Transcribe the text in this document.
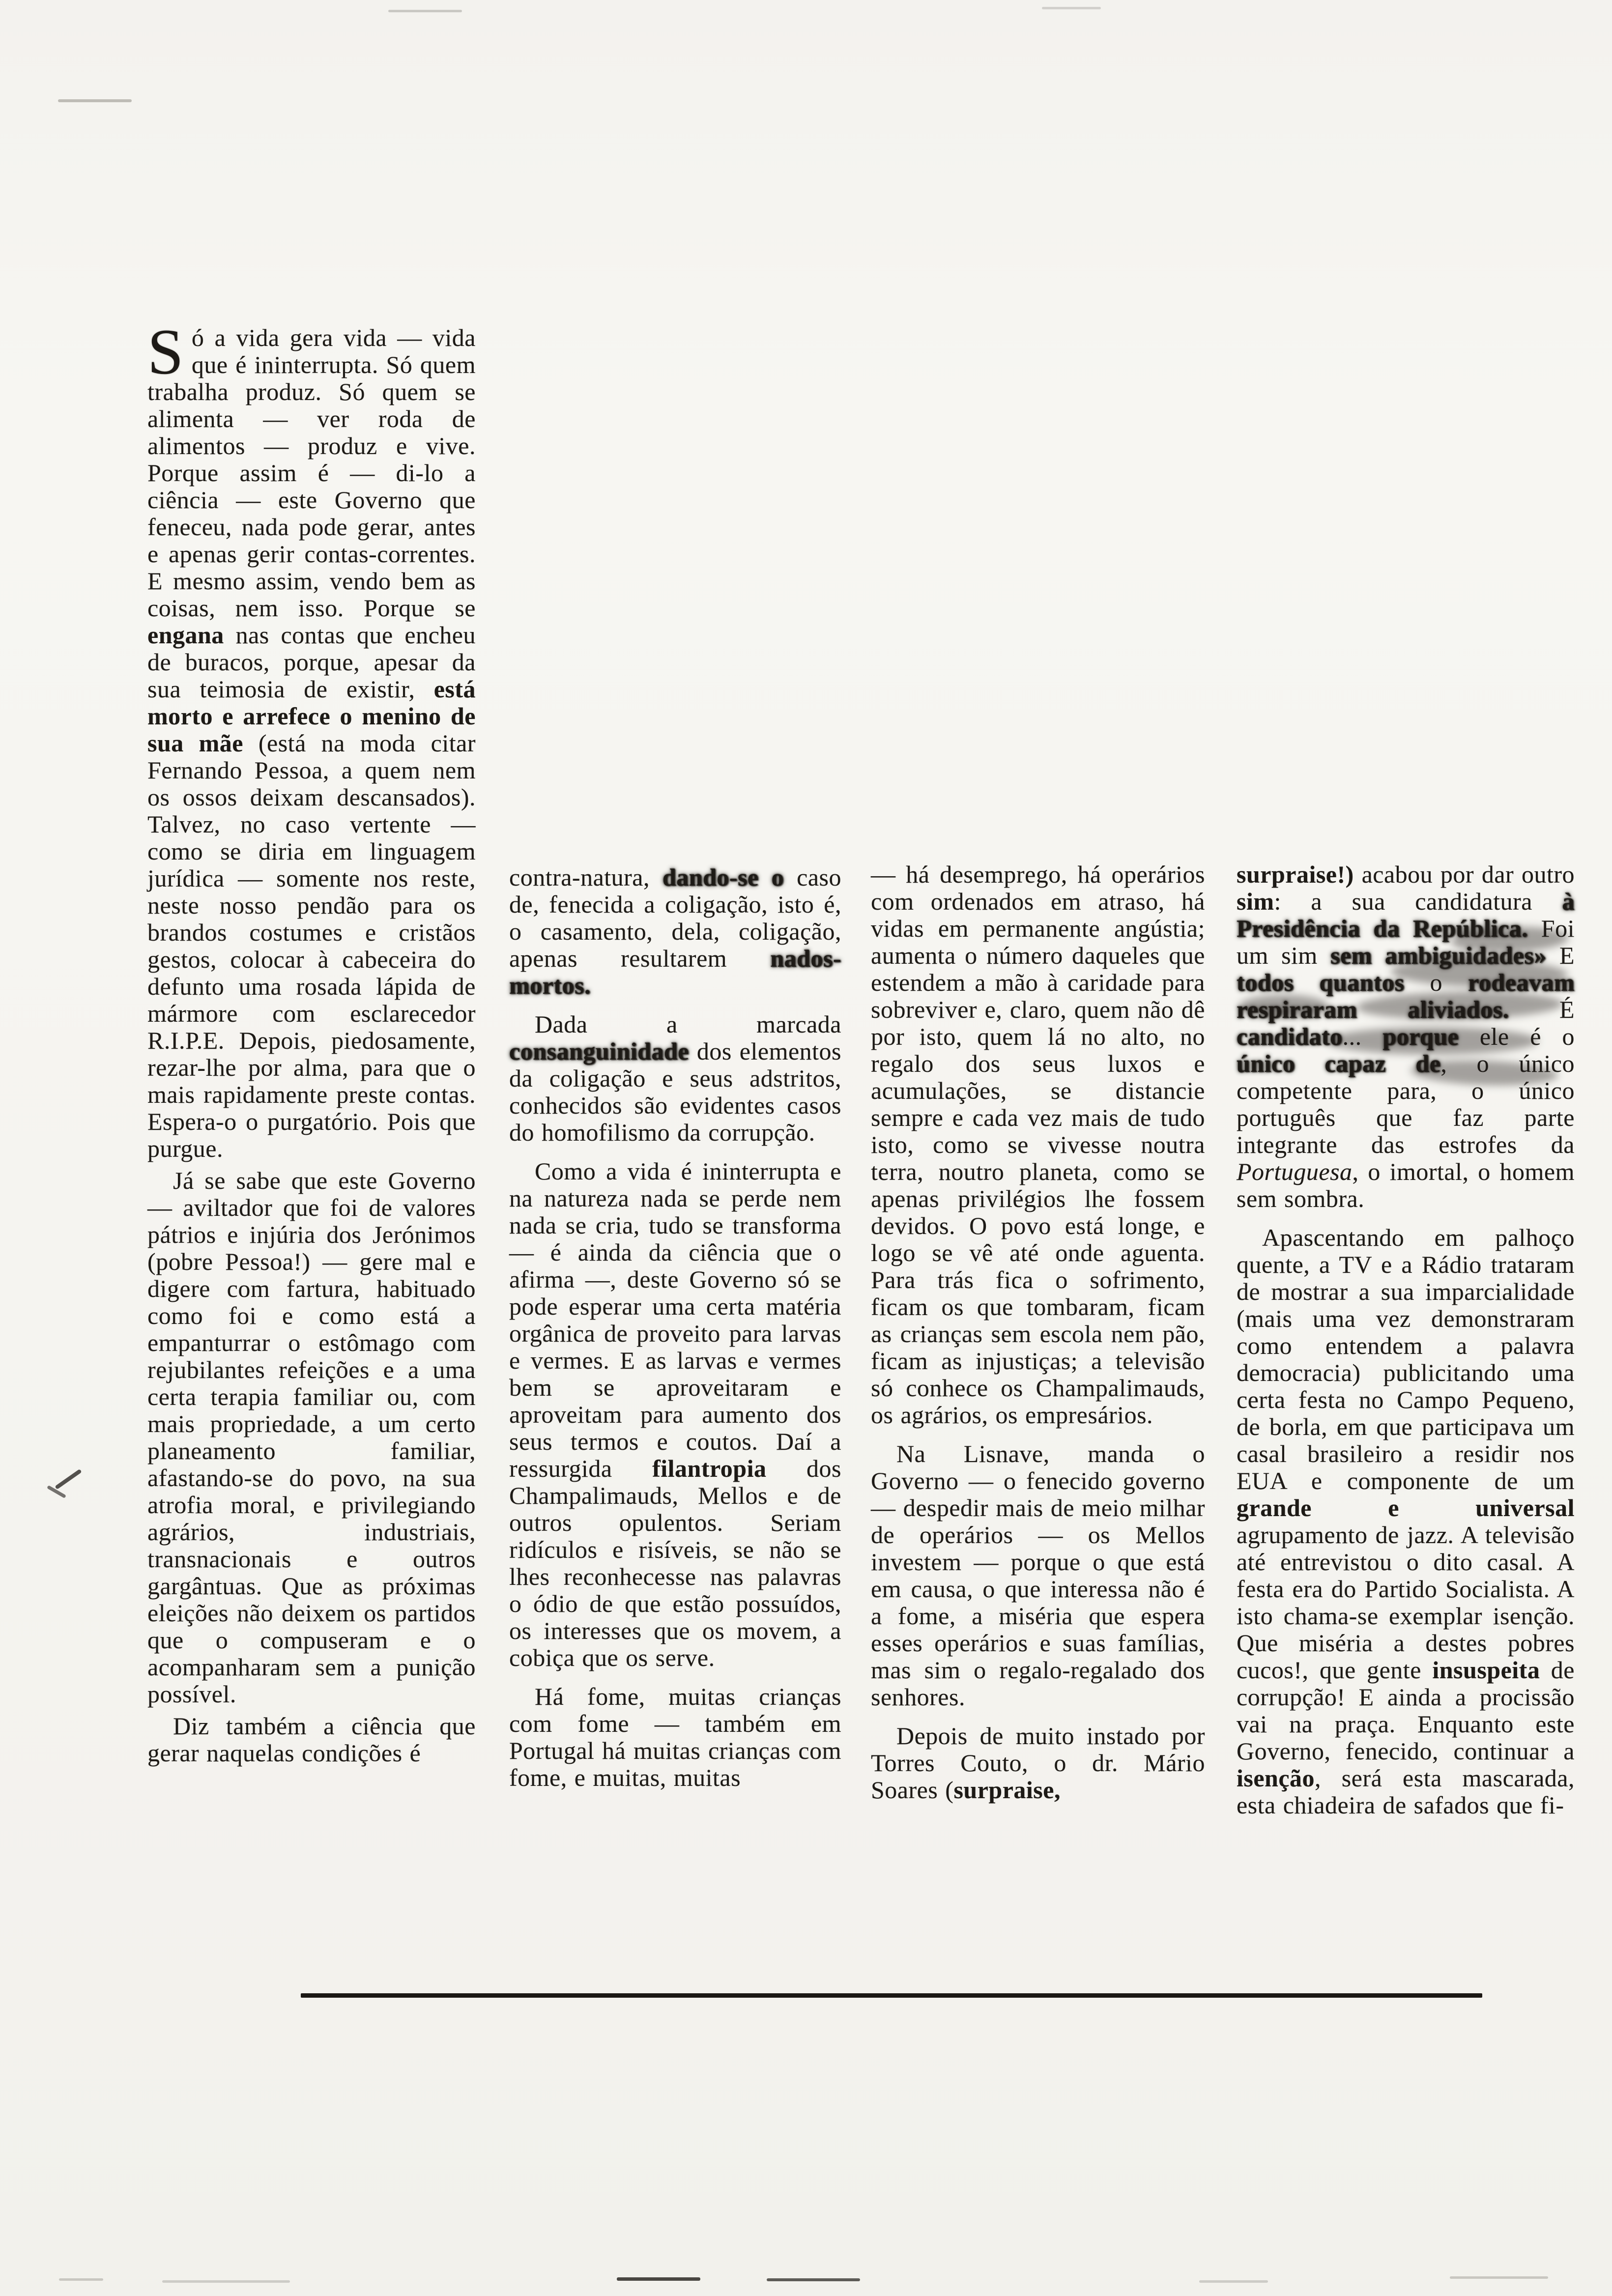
Só a vida gera vida — vida que é ininterrupta. Só quem trabalha produz. Só quem se alimenta — ver roda de alimentos — produz e vive. Porque assim é — di-lo a ciência — este Governo que feneceu, nada pode gerar, antes e apenas gerir contas-correntes. E mesmo assim, vendo bem as coisas, nem isso. Porque se engana nas contas que encheu de buracos, porque, apesar da sua teimosia de existir, está morto e arrefece o menino de sua mãe (está na moda citar Fernando Pessoa, a quem nem os ossos deixam descansados). Talvez, no caso vertente — como se diria em linguagem jurídica — somente nos reste, neste nosso pendão para os brandos costumes e cristãos gestos, colocar à cabeceira do defunto uma rosada lápida de mármore com esclarecedor R.I.P.E. Depois, piedosamente, rezar-lhe por alma, para que o mais rapidamente preste contas. Espera-o o purgatório. Pois que purgue.

Já se sabe que este Governo — aviltador que foi de valores pátrios e injúria dos Jerónimos (pobre Pessoa!) — gere mal e digere com fartura, habituado como foi e como está a empanturrar o estômago com rejubilantes refeições e a uma certa terapia familiar ou, com mais propriedade, a um certo planeamento familiar, afastando-se do povo, na sua atrofia moral, e privilegiando agrários, industriais, transnacionais e outros gargântuas. Que as próximas eleições não deixem os partidos que o compuseram e o acompanharam sem a punição possível.

Diz também a ciência que gerar naquelas condições é

contra-natura, dando-se o caso de, fenecida a coligação, isto é, o casamento, dela, coligação, apenas resultarem nados-mortos.

Dada a marcada consanguinidade dos elementos da coligação e seus adstritos, conhecidos são evidentes casos do homofilismo da corrupção.

Como a vida é ininterrupta e na natureza nada se perde nem nada se cria, tudo se transforma — é ainda da ciência que o afirma —, deste Governo só se pode esperar uma certa matéria orgânica de proveito para larvas e vermes. E as larvas e vermes bem se aproveitaram e aproveitam para aumento dos seus termos e coutos. Daí a ressurgida filantropia dos Champalimauds, Mellos e de outros opulentos. Seriam ridículos e risíveis, se não se lhes reconhecesse nas palavras o ódio de que estão possuídos, os interesses que os movem, a cobiça que os serve.

Há fome, muitas crianças com fome — também em Portugal há muitas crianças com fome, e muitas, muitas

— há desemprego, há operários com ordenados em atraso, há vidas em permanente angústia; aumenta o número daqueles que estendem a mão à caridade para sobreviver e, claro, quem não dê por isto, quem lá no alto, no regalo dos seus luxos e acumulações, se distancie sempre e cada vez mais de tudo isto, como se vivesse noutra terra, noutro planeta, como se apenas privilégios lhe fossem devidos. O povo está longe, e logo se vê até onde aguenta. Para trás fica o sofrimento, ficam os que tombaram, ficam as crianças sem escola nem pão, ficam as injustiças; a televisão só conhece os Champalimauds, os agrários, os empresários.

Na Lisnave, manda o Governo — o fenecido governo — despedir mais de meio milhar de operários — os Mellos investem — porque o que está em causa, o que interessa não é a fome, a miséria que espera esses operários e suas famílias, mas sim o regalo-regalado dos senhores.

Depois de muito instado por Torres Couto, o dr. Mário Soares (surpraise,

surpraise!) acabou por dar outro sim: a sua candidatura à Presidência da República. Foi um sim sem ambiguidades» E todos quantos o rodeavam respiraram aliviados. É candidato... porque ele é o único capaz de, o único competente para, o único português que faz parte integrante das estrofes da Portuguesa, o imortal, o homem sem sombra.

Apascentando em palhoço quente, a TV e a Rádio trataram de mostrar a sua imparcialidade (mais uma vez demonstraram como entendem a palavra democracia) publicitando uma certa festa no Campo Pequeno, de borla, em que participava um casal brasileiro a residir nos EUA e componente de um grande e universal agrupamento de jazz. A televisão até entrevistou o dito casal. A festa era do Partido Socialista. A isto chama-se exemplar isenção. Que miséria a destes pobres cucos!, que gente insuspeita de corrupção! E ainda a procissão vai na praça. Enquanto este Governo, fenecido, continuar a isenção, será esta mascarada, esta chiadeira de safados que fi-
